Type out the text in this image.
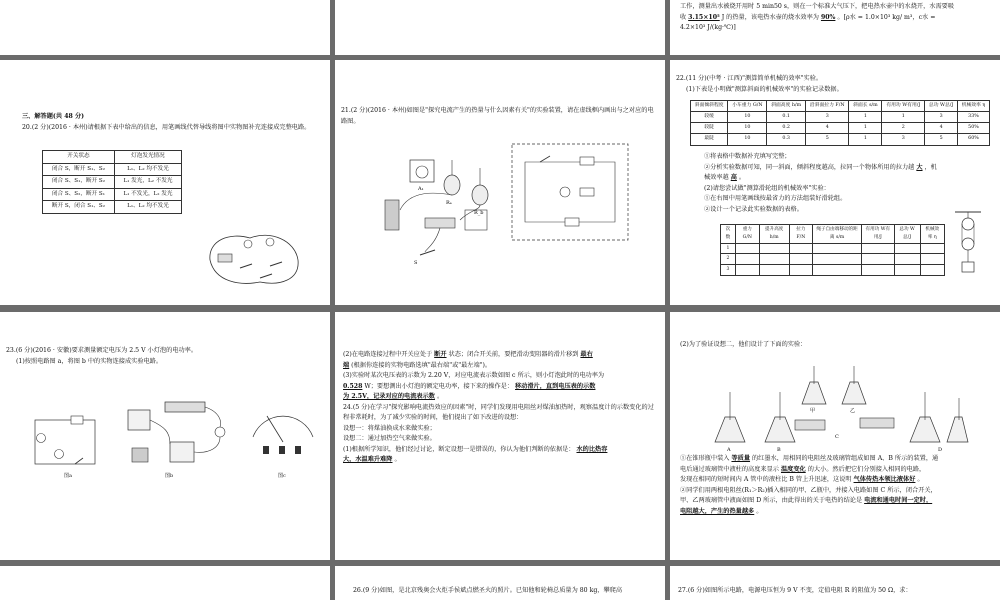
工作，测量出水被烧开用时 5 min50 s，则在一个标准大气压下，把电热水壶中的水烧开，水需要吸

收 3.15×10⁵ J 的热量，该电热水壶的烧水效率为 90% 。[ρ水 = 1.0×10³ kg/ m³，c水 =

4.2×10³ J/(kg·℃)]

三、解答题(共 48 分)

20.(2 分)(2016 · 本州)请根据下表中给出的信息，用笔画线代替导线将图中实物图补充连接成完整电路。

开关状态	灯泡发光情况
闭合 S，断开 S₁、S₂	L₁、L₂ 均不发光
闭合 S、S₁，断开 S₂	L₁ 发光，L₂ 不发光
闭合 S、S₂，断开 S₁	L₁ 不发光，L₂ 发光
断开 S，闭合 S₁、S₂	L₁、L₂ 均不发光

21.(2 分)(2016 · 本州)如图是"探究电流产生的热量与什么因素有关"的实验装置，请在虚线框内画出与之对应的电路图。

A₁
Rₐ
R_b
S

22.(11 分)(中考 · 江西)"测算简单机械的效率"实验。

(1)下表是小明做"测算斜面的机械效率"的实验记录数据。

斜面倾斜程度	小车重力 G/N	斜面高度 h/m	沿斜面拉力 F/N	斜面长 s/m	有用功 W有用/J	总功 W总/J	机械效率 η
较缓	10	0.1	3	1	1	3	33%
较陡	10	0.2	4	1	2	4	50%
最陡	10	0.3	5	1	3	5	60%

①将表格中数据补充填写完整；

②分析实验数据可知，同一斜面，倾斜程度越高，拉同一个物体所用的拉力越 大 ，机

械效率越 高 。

(2)请您尝试做"测算滑轮组的机械效率"实验：

①在右图中用笔画线按最省力的方法组装好滑轮组。

②设计一个记录此实验数据的表格。

次数	重力 G/N	提升高度 h/m	拉力 F/N	绳子自由端移动的距离 s/m	有用功 W有用/J	总功 W总/J	机械效率 η
1							
2							
3							

23.(6 分)(2016 · 安徽)要求测量额定电压为 2.5 V 小灯泡的电功率。

(1)按照电路图 a，将图 b 中的实物连接成实验电路。

图a	图b	图c

(2)在电路连接过程中开关应处于 断开 状态；闭合开关前，要把滑动变阻器的滑片移到 最右

端 (根据你连接的实物电路选填"最右端"或"最左端")。

(3)实验时某次电压表的示数为 2.20 V，对应电流表示数如图 c 所示，则小灯泡此时的电功率为

0.528 W；要想测出小灯泡的额定电功率，接下来的操作是： 移动滑片，直到电压表的示数

为 2.5V，记录对应的电流表示数 。

24.(5 分)在学习"探究影响电流热效应的因素"时，同学们发现用电阻丝对煤油加热时，观察温度计的示数变化的过程非常耗时，为了减少实验的时间，他们提出了如下改进的设想：

设想一：将煤油换成水来做实验；

设想二：通过加热空气来做实验。

(1)根据所学知识，他们经过讨论，断定设想一是错误的，你认为他们判断的依据是： 水的比热容

大，水温难升难降 。

(2)为了验证设想二，他们设计了下面的实验：

A	B
C
D
甲	乙

①在锥形瓶中装入 等质量 的红墨水，用相同的电阻丝及玻璃管组成如图 A、B 所示的装置，通

电后通过玻璃管中液柱的高度来显示 温度变化 的大小。然后把它们分别接入相同的电路，

发现在相同的短时间内 A 管中的液柱比 B 管上升迅速，这说明 气体传热本领比液体好 。

②同学们用两根电阻丝(R₁＞R₂)插入相同的甲、乙瓶中，并接入电路如图 C 所示，闭合开关，

甲、乙两玻璃管中液面如图 D 所示，由此得出的关于电热的结论是 电流和通电时间一定时，

电阻越大，产生的热量越多 。

26.(9 分)如图，是北京残奥会火炬手侯斌点燃圣火的照片。已知他和轮椅总质量为 80 kg，攀爬高	27.(6 分)如图所示电路，电源电压恒为 9 V 不变，定值电阻 R 的阻值为 50 Ω，求：
